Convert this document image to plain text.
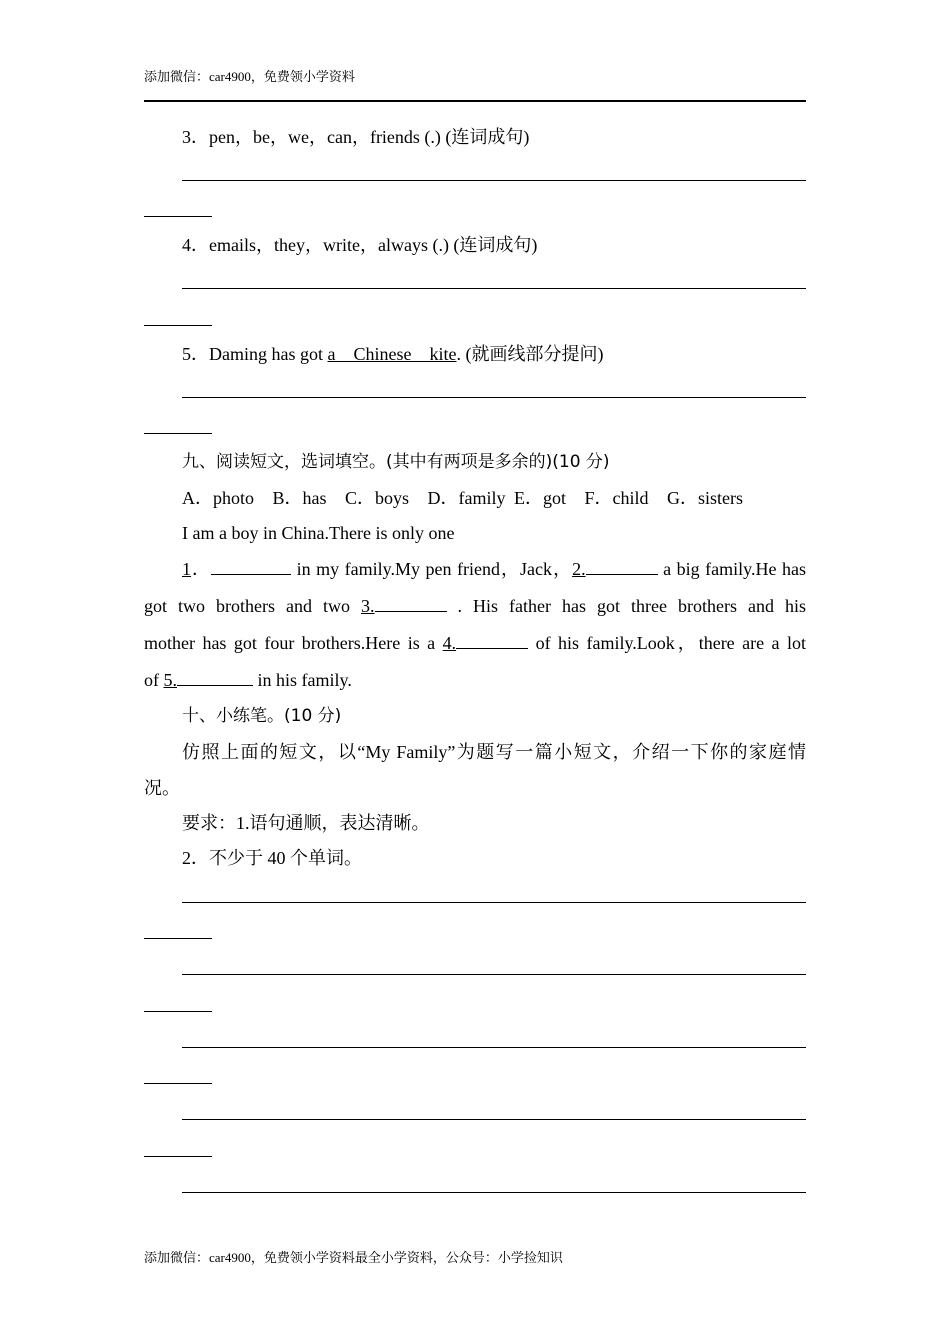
添加微信：car4900，免费领小学资料
3．pen，be，we，can，friends (.) (连词成句)
4．emails，they，write，always (.) (连词成句)
5．Daming has got a    Chinese    kite. (就画线部分提问)
九、阅读短文，选词填空。(其中有两项是多余的)(10 分)
A．photo B．has C．boys D．family E．got F．child G．sisters
I am a boy in China.There is only one
1．	in my family.My pen friend，Jack，2.	a big family.He has
got two brothers and two 3.	. His father has got three brothers and his
mother has got four brothers.Here is a 4.	of his family.Look，there are a lot
of 5.	in his family.
十、小练笔。(10 分)
仿照上面的短文，以“My Family”为题写一篇小短文，介绍一下你的家庭情
况。
要求：1.语句通顺，表达清晰。
2．不少于 40 个单词。
添加微信：car4900，免费领小学资料最全小学资料，公众号：小学捡知识
